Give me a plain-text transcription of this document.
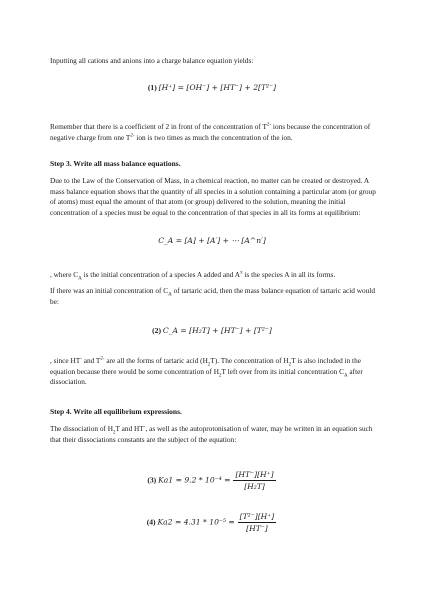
Inputting all cations and anions into a charge balance equation yields:

(1) [H⁺] = [OH⁻] + [HT⁻] + 2[T²⁻]

Remember that there is a coefficient of 2 in front of the concentration of $T^{2-}$ ions because the concentration of negative charge from one $T^{2-}$ ion is two times as much the concentration of the ion.

Step 3. Write all mass balance equations.

Due to the Law of the Conservation of Mass, in a chemical reaction, no matter can be created or destroyed. A mass balance equation shows that the quantity of all species in a solution containing a particular atom (or group of atoms) must equal the amount of that atom (or group) delivered to the solution, meaning the initial concentration of a species must be equal to the concentration of that species in all its forms at equilibrium:

C_A = [A] + [A′] + ⋯ [A^n′]

, where $C_A$ is the initial concentration of a species A added and $A^x$ is the species A in all its forms.

If there was an initial concentration of $C_A$ of tartaric acid, then the mass balance equation of tartaric acid would be:

(2) C_A = [H₂T] + [HT⁻] + [T²⁻]

, since HT- and $T^{2-}$ are all the forms of tartaric acid $(H_2T)$. The concentration of $H_2T$ is also included in the equation because there would be some concentration of $H_2T$ left over from its initial concentration $C_A$ after dissociation.

Step 4. Write all equilibrium expressions.

The dissociation of $H_2T$ and HT-, as well as the autoprotonisation of water, may be written in an equation such that their dissociations constants are the subject of the equation:

(3) $Ka1 = 9.2 * 10^{-4} = \frac{[HT^-][H^+]}{\text{[H₂T]}}$
(4) $Ka2 = 4.31 * 10^{-5} = \frac{\text{[T²⁻][H⁺]}}{[HT^-]}$
